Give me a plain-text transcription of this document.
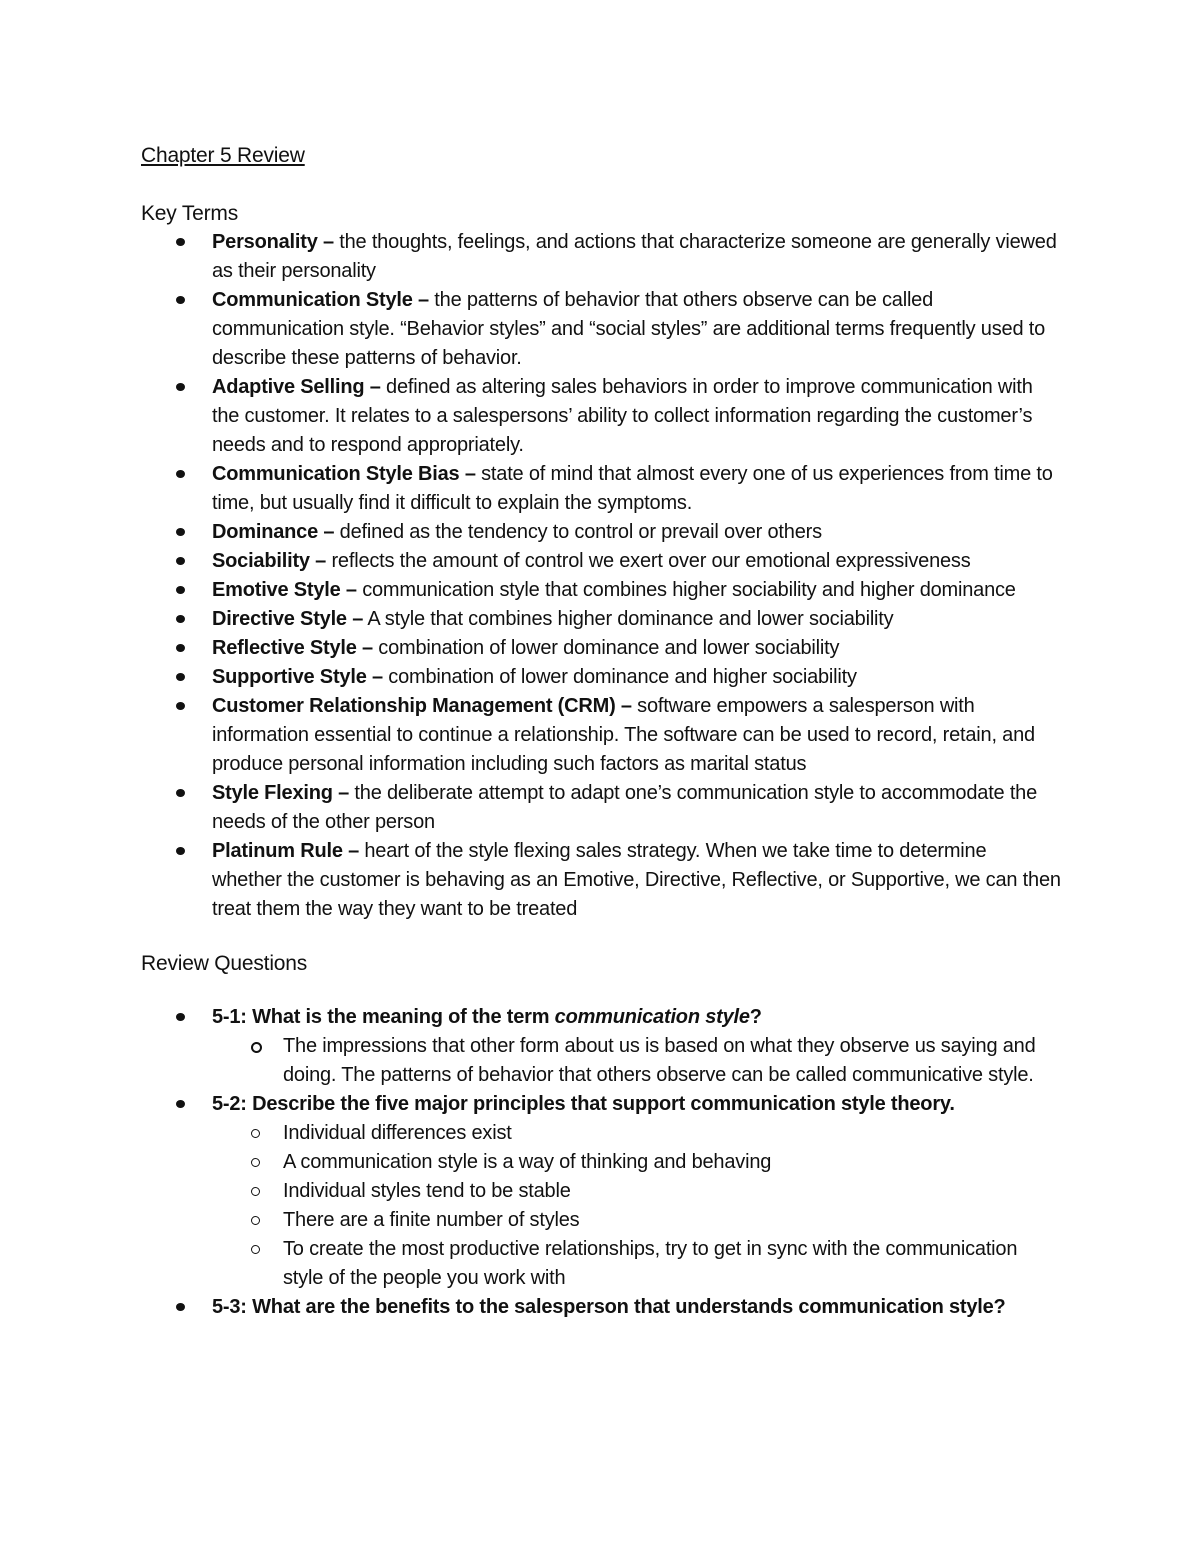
Chapter 5 Review
Key Terms
Personality – the thoughts, feelings, and actions that characterize someone are generally viewed as their personality
Communication Style – the patterns of behavior that others observe can be called communication style. “Behavior styles” and “social styles” are additional terms frequently used to describe these patterns of behavior.
Adaptive Selling – defined as altering sales behaviors in order to improve communication with the customer. It relates to a salespersons’ ability to collect information regarding the customer’s needs and to respond appropriately.
Communication Style Bias – state of mind that almost every one of us experiences from time to time, but usually find it difficult to explain the symptoms.
Dominance – defined as the tendency to control or prevail over others
Sociability – reflects the amount of control we exert over our emotional expressiveness
Emotive Style – communication style that combines higher sociability and higher dominance
Directive Style – A style that combines higher dominance and lower sociability
Reflective Style – combination of lower dominance and lower sociability
Supportive Style – combination of lower dominance and higher sociability
Customer Relationship Management (CRM) – software empowers a salesperson with information essential to continue a relationship. The software can be used to record, retain, and produce personal information including such factors as marital status
Style Flexing – the deliberate attempt to adapt one’s communication style to accommodate the needs of the other person
Platinum Rule – heart of the style flexing sales strategy. When we take time to determine whether the customer is behaving as an Emotive, Directive, Reflective, or Supportive, we can then treat them the way they want to be treated
Review Questions
5-1: What is the meaning of the term communication style?
The impressions that other form about us is based on what they observe us saying and doing. The patterns of behavior that others observe can be called communicative style.
5-2: Describe the five major principles that support communication style theory.
Individual differences exist
A communication style is a way of thinking and behaving
Individual styles tend to be stable
There are a finite number of styles
To create the most productive relationships, try to get in sync with the communication style of the people you work with
5-3: What are the benefits to the salesperson that understands communication style?
